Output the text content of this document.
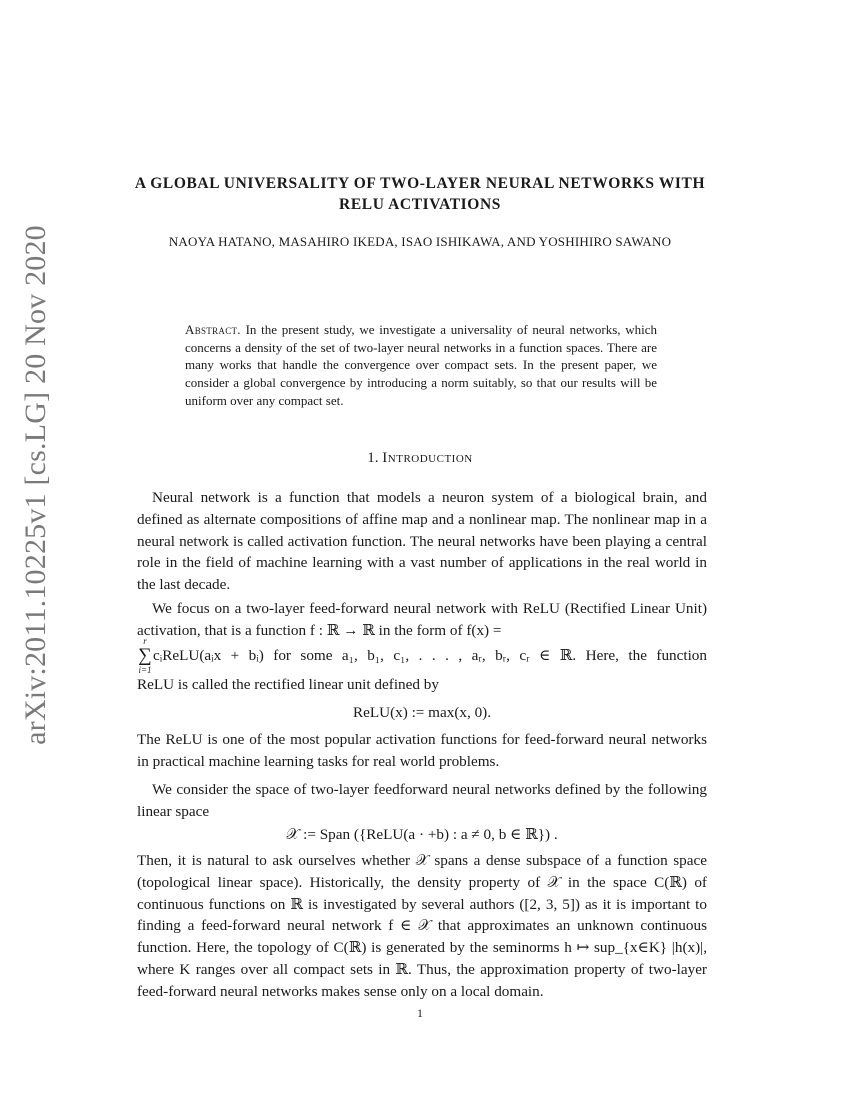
arXiv:2011.10225v1 [cs.LG] 20 Nov 2020
A GLOBAL UNIVERSALITY OF TWO-LAYER NEURAL NETWORKS WITH RELU ACTIVATIONS
NAOYA HATANO, MASAHIRO IKEDA, ISAO ISHIKAWA, AND YOSHIHIRO SAWANO
Abstract. In the present study, we investigate a universality of neural networks, which concerns a density of the set of two-layer neural networks in a function spaces. There are many works that handle the convergence over compact sets. In the present paper, we consider a global convergence by introducing a norm suitably, so that our results will be uniform over any compact set.
1. Introduction

Neural network is a function that models a neuron system of a biological brain, and defined as alternate compositions of affine map and a nonlinear map. The nonlinear map in a neural network is called activation function. The neural networks have been playing a central role in the field of machine learning with a vast number of applications in the real world in the last decade.

We focus on a two-layer feed-forward neural network with ReLU (Rectified Linear Unit) activation, that is a function f : ℝ → ℝ in the form of f(x) =

r
∑
i=1
cᵢReLU(aᵢx + bᵢ) for some a₁, b₁, c₁, . . . , aᵣ, bᵣ, cᵣ ∈ ℝ. Here, the function

ReLU is called the rectified linear unit defined by

ReLU(x) := max(x, 0).

The ReLU is one of the most popular activation functions for feed-forward neural networks in practical machine learning tasks for real world problems.

We consider the space of two-layer feedforward neural networks defined by the following linear space

𝒳 := Span ({ReLU(a · +b) : a ≠ 0, b ∈ ℝ}) .

Then, it is natural to ask ourselves whether 𝒳 spans a dense subspace of a function space (topological linear space). Historically, the density property of 𝒳 in the space C(ℝ) of continuous functions on ℝ is investigated by several authors ([2, 3, 5]) as it is important to finding a feed-forward neural network f ∈ 𝒳 that approximates an unknown continuous function. Here, the topology of C(ℝ) is generated by the seminorms h ↦ sup_{x∈K} |h(x)|, where K ranges over all compact sets in ℝ. Thus, the approximation property of two-layer feed-forward neural networks makes sense only on a local domain.

1
